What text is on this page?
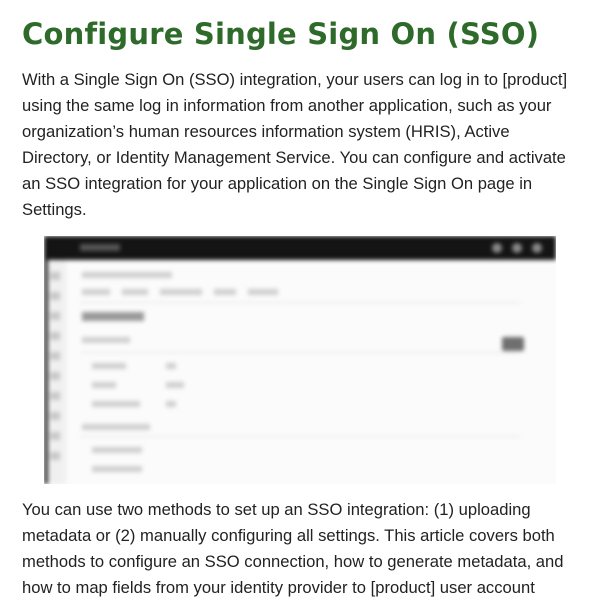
Configure Single Sign On (SSO)

With a Single Sign On (SSO) integration, your users can log in to [product] using the same log in information from another application, such as your organization’s human resources information system (HRIS), Active Directory, or Identity Management Service. You can configure and activate an SSO integration for your application on the Single Sign On page in Settings.

You can use two methods to set up an SSO integration: (1) uploading metadata or (2) manually configuring all settings. This article covers both methods to configure an SSO connection, how to generate metadata, and how to map fields from your identity provider to [product] user account
